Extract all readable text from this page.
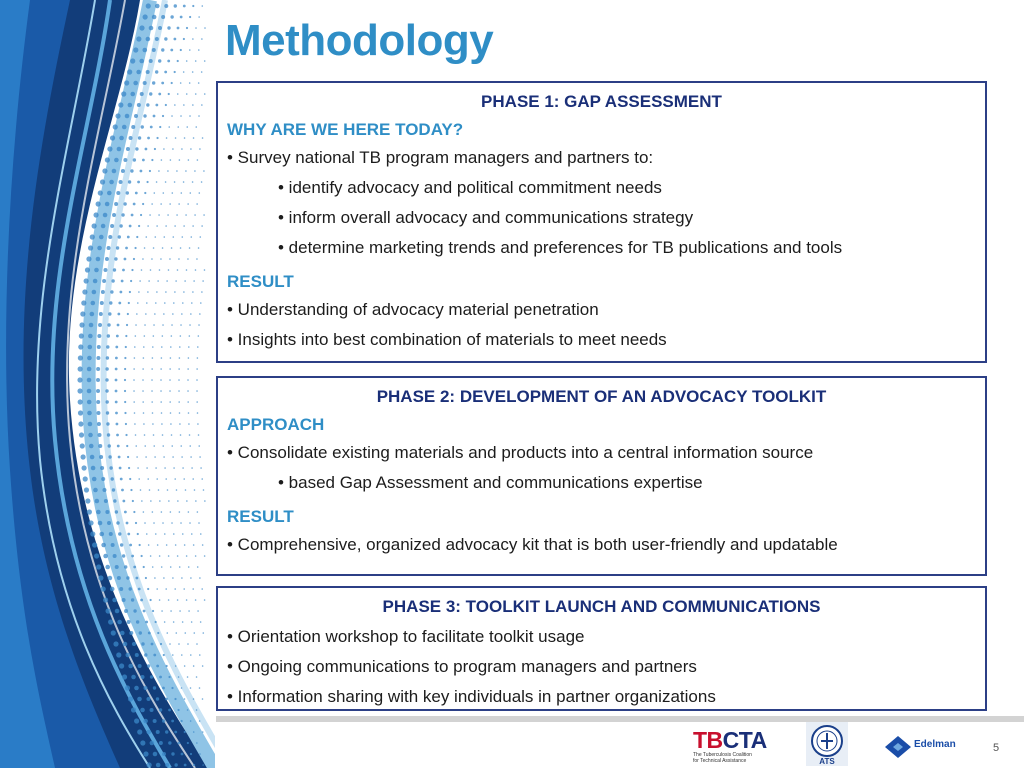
Methodology
PHASE 1: GAP ASSESSMENT
WHY ARE WE HERE TODAY?
• Survey national TB program managers and partners to:
• identify advocacy and political commitment needs
• inform overall advocacy and communications strategy
• determine marketing trends and preferences for TB publications and tools
RESULT
• Understanding of advocacy material penetration
• Insights into best combination of materials to meet needs
PHASE 2: DEVELOPMENT OF AN ADVOCACY TOOLKIT
APPROACH
• Consolidate existing materials and products into a central information source
• based Gap Assessment and communications expertise
RESULT
• Comprehensive, organized advocacy kit that is both user-friendly and updatable
PHASE 3: TOOLKIT LAUNCH AND COMMUNICATIONS
• Orientation workshop to facilitate toolkit usage
• Ongoing communications to program managers and partners
• Information sharing with key individuals in partner organizations
TBCTA
The Tuberculosis Coalition
for Technical Assistance	ATS
Edelman	5
